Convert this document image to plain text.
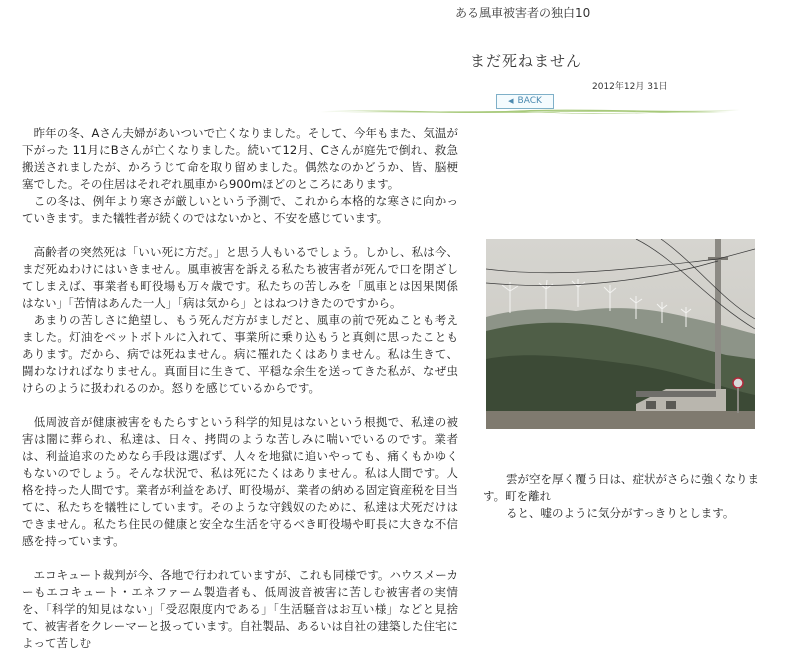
ある風車被害者の独白10
まだ死ねません
2012年12月 31日
◀ BACK

　昨年の冬、Aさん夫婦があいついで亡くなりました。そして、今年もまた、気温が下がった 11月にBさんが亡くなりました。続いて12月、Cさんが庭先で倒れ、救急搬送されましたが、かろうじて命を取り留めました。偶然なのかどうか、皆、脳梗塞でした。その住居はそれぞれ風車から900mほどのところにあります。
　この冬は、例年より寒さが厳しいという予測で、これから本格的な寒さに向かっていきます。また犠牲者が続くのではないかと、不安を感じています。

　高齢者の突然死は「いい死に方だ。」と思う人もいるでしょう。しかし、私は今、まだ死ぬわけにはいきません。風車被害を訴える私たち被害者が死んで口を閉ざしてしまえば、事業者も町役場も万々歳です。私たちの苦しみを「風車とは因果関係はない」「苦情はあんた一人」「病は気から」とはねつけきたのですから。
　あまりの苦しさに絶望し、もう死んだ方がましだと、風車の前で死ぬことも考えました。灯油をペットボトルに入れて、事業所に乗り込もうと真剣に思ったこともあります。だから、病では死ねません。病に罹れたくはありません。私は生きて、闘わなければなりません。真面目に生きて、平穏な余生を送ってきた私が、なぜ虫けらのように扱われるのか。怒りを感じているからです。

　低周波音が健康被害をもたらすという科学的知見はないという根拠で、私達の被害は闇に葬られ、私達は、日々、拷問のような苦しみに喘いでいるのです。業者は、利益追求のためなら手段は選ばず、人々を地獄に追いやっても、痛くもかゆくもないのでしょう。そんな状況で、私は死にたくはありません。私は人間です。人格を持った人間です。業者が利益をあげ、町役場が、業者の納める固定資産税を目当てに、私たちを犠牲にしています。そのような守銭奴のために、私達は犬死だけはできません。私たち住民の健康と安全な生活を守るべき町役場や町長に大きな不信感を持っています。

　エコキュート裁判が今、各地で行われていますが、これも同様です。ハウスメーカーもエコキュート・エネファーム製造者も、低周波音被害に苦しむ被害者の実情を、「科学的知見はない」「受忍限度内である」「生活騒音はお互い様」などと見捨て、被害者をクレーマーと扱っています。自社製品、あるいは自社の建築した住宅によって苦しむ

　　雲が空を厚く覆う日は、症状がさらに強くなります。町を離れ
　　ると、嘘のように気分がすっきりとします。
